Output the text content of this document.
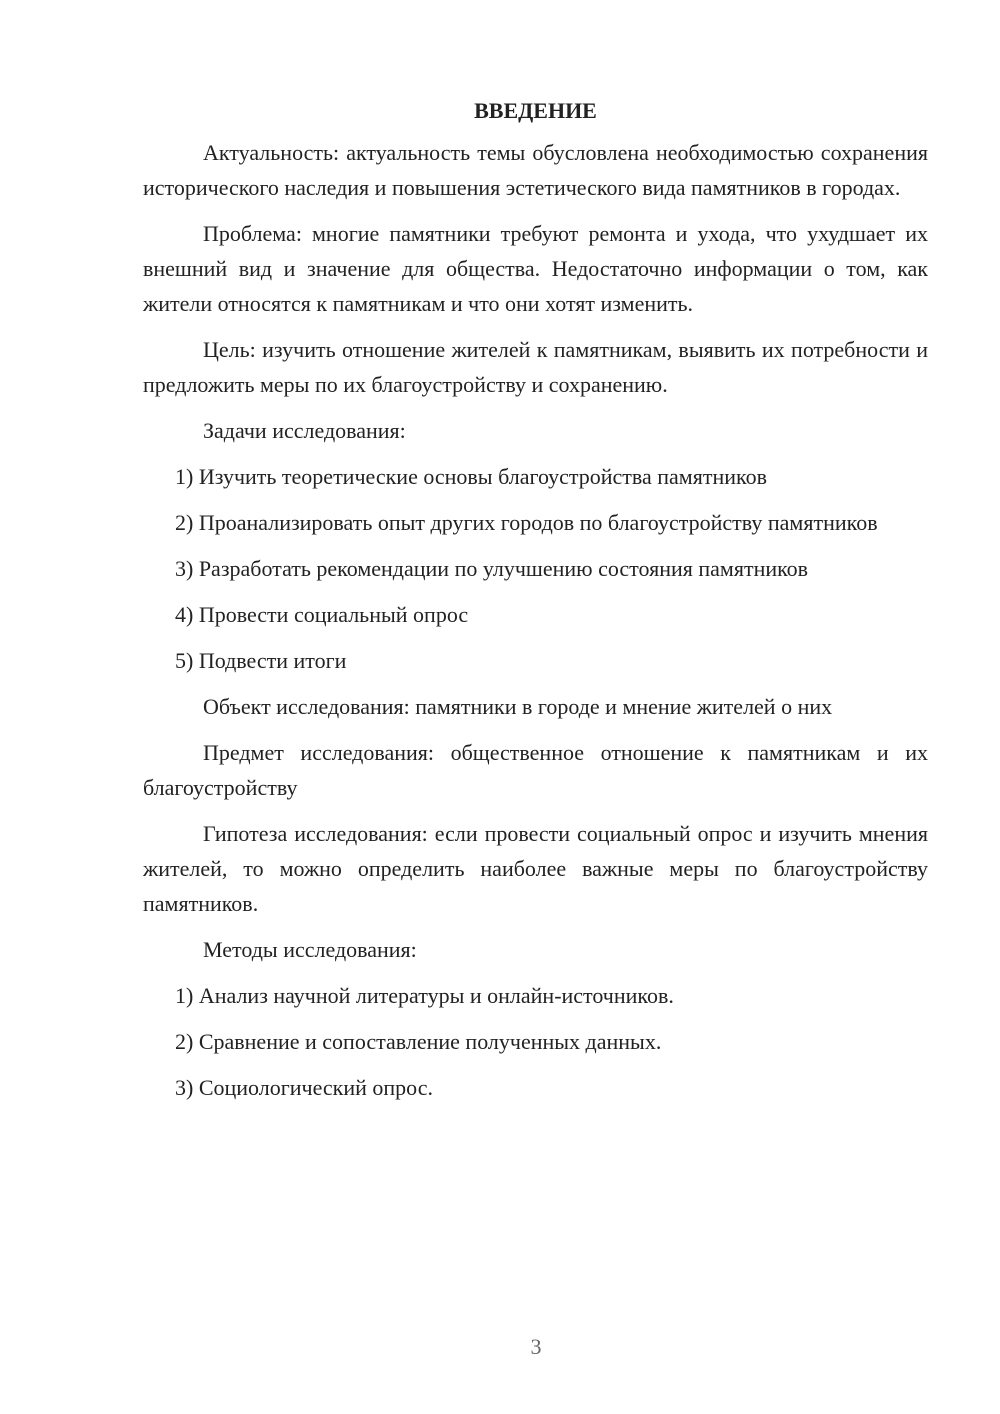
ВВЕДЕНИЕ

Актуальность: актуальность темы обусловлена необходимостью сохранения исторического наследия и повышения эстетического вида памятников в городах.

Проблема: многие памятники требуют ремонта и ухода, что ухудшает их внешний вид и значение для общества. Недостаточно информации о том, как жители относятся к памятникам и что они хотят изменить.

Цель: изучить отношение жителей к памятникам, выявить их потребности и предложить меры по их благоустройству и сохранению.

Задачи исследования:

1) Изучить теоретические основы благоустройства памятников

2) Проанализировать опыт других городов по благоустройству памятников

3) Разработать рекомендации по улучшению состояния памятников

4) Провести социальный опрос

5) Подвести итоги

Объект исследования: памятники в городе и мнение жителей о них

Предмет исследования: общественное отношение к памятникам и их благоустройству

Гипотеза исследования: если провести социальный опрос и изучить мнения жителей, то можно определить наиболее важные меры по благоустройству памятников.

Методы исследования:

1) Анализ научной литературы и онлайн-источников.

2) Сравнение и сопоставление полученных данных.

3) Социологический опрос.

3
